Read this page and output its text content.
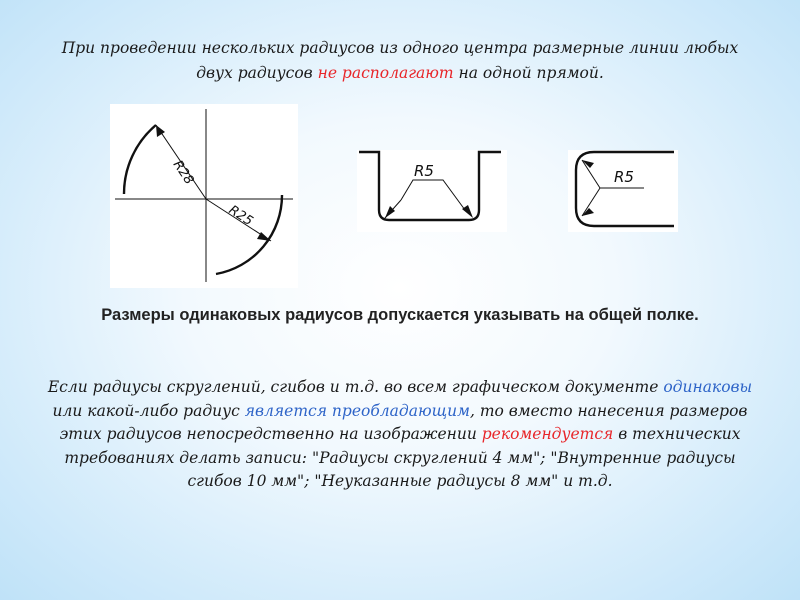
При проведении нескольких радиусов из одного центра размерные линии любых двух радиусов не располагают на одной прямой.
R28
R25
R5	R5
Размеры одинаковых радиусов допускается указывать на общей полке.
Если радиусы скруглений, сгибов и т.д. во всем графическом документе одинаковы или какой-либо радиус является преобладающим, то вместо нанесения размеров этих радиусов непосредственно на изображении рекомендуется в технических требованиях делать записи: "Радиусы скруглений 4 мм"; "Внутренние радиусы сгибов 10 мм"; "Неуказанные радиусы 8 мм" и т.д.
